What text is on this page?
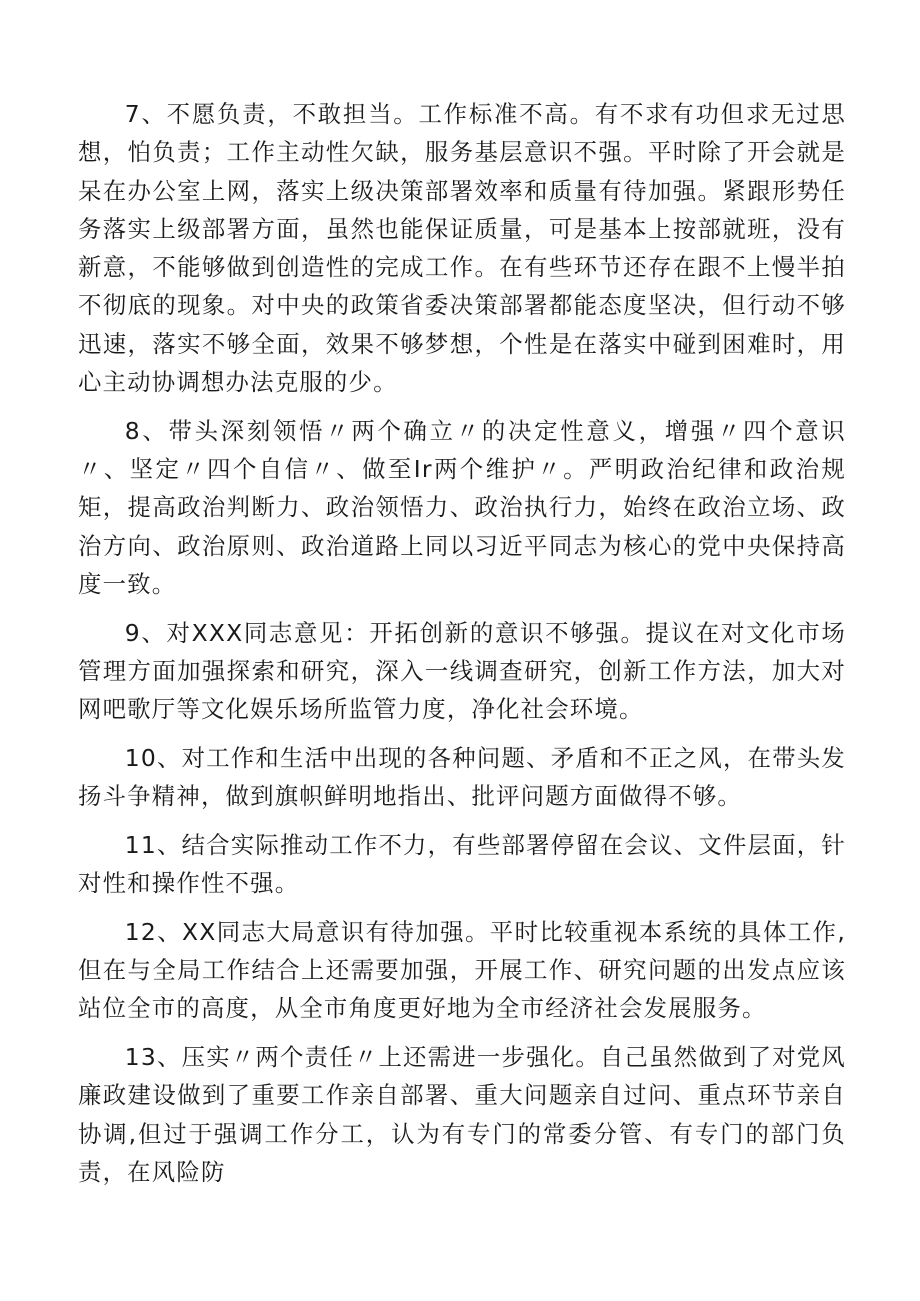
7、不愿负责，不敢担当。工作标准不高。有不求有功但求无过思想，怕负责；工作主动性欠缺，服务基层意识不强。平时除了开会就是呆在办公室上网，落实上级决策部署效率和质量有待加强。紧跟形势任务落实上级部署方面，虽然也能保证质量，可是基本上按部就班，没有新意，不能够做到创造性的完成工作。在有些环节还存在跟不上慢半拍不彻底的现象。对中央的政策省委决策部署都能态度坚决，但行动不够迅速，落实不够全面，效果不够梦想，个性是在落实中碰到困难时，用心主动协调想办法克服的少。

8、带头深刻领悟〃两个确立〃的决定性意义，增强〃四个意识〃、坚定〃四个自信〃、做至Ir两个维护〃。严明政治纪律和政治规矩，提高政治判断力、政治领悟力、政治执行力，始终在政治立场、政治方向、政治原则、政治道路上同以习近平同志为核心的党中央保持高度一致。

9、对XXX同志意见：开拓创新的意识不够强。提议在对文化市场管理方面加强探索和研究，深入一线调查研究，创新工作方法，加大对网吧歌厅等文化娱乐场所监管力度，净化社会环境。

10、对工作和生活中出现的各种问题、矛盾和不正之风，在带头发扬斗争精神，做到旗帜鲜明地指出、批评问题方面做得不够。

11、结合实际推动工作不力，有些部署停留在会议、文件层面，针对性和操作性不强。

12、XX同志大局意识有待加强。平时比较重视本系统的具体工作,但在与全局工作结合上还需要加强，开展工作、研究问题的出发点应该站位全市的高度，从全市角度更好地为全市经济社会发展服务。

13、压实〃两个责任〃上还需进一步强化。自己虽然做到了对党风廉政建设做到了重要工作亲自部署、重大问题亲自过问、重点环节亲自协调,但过于强调工作分工，认为有专门的常委分管、有专门的部门负责，在风险防
